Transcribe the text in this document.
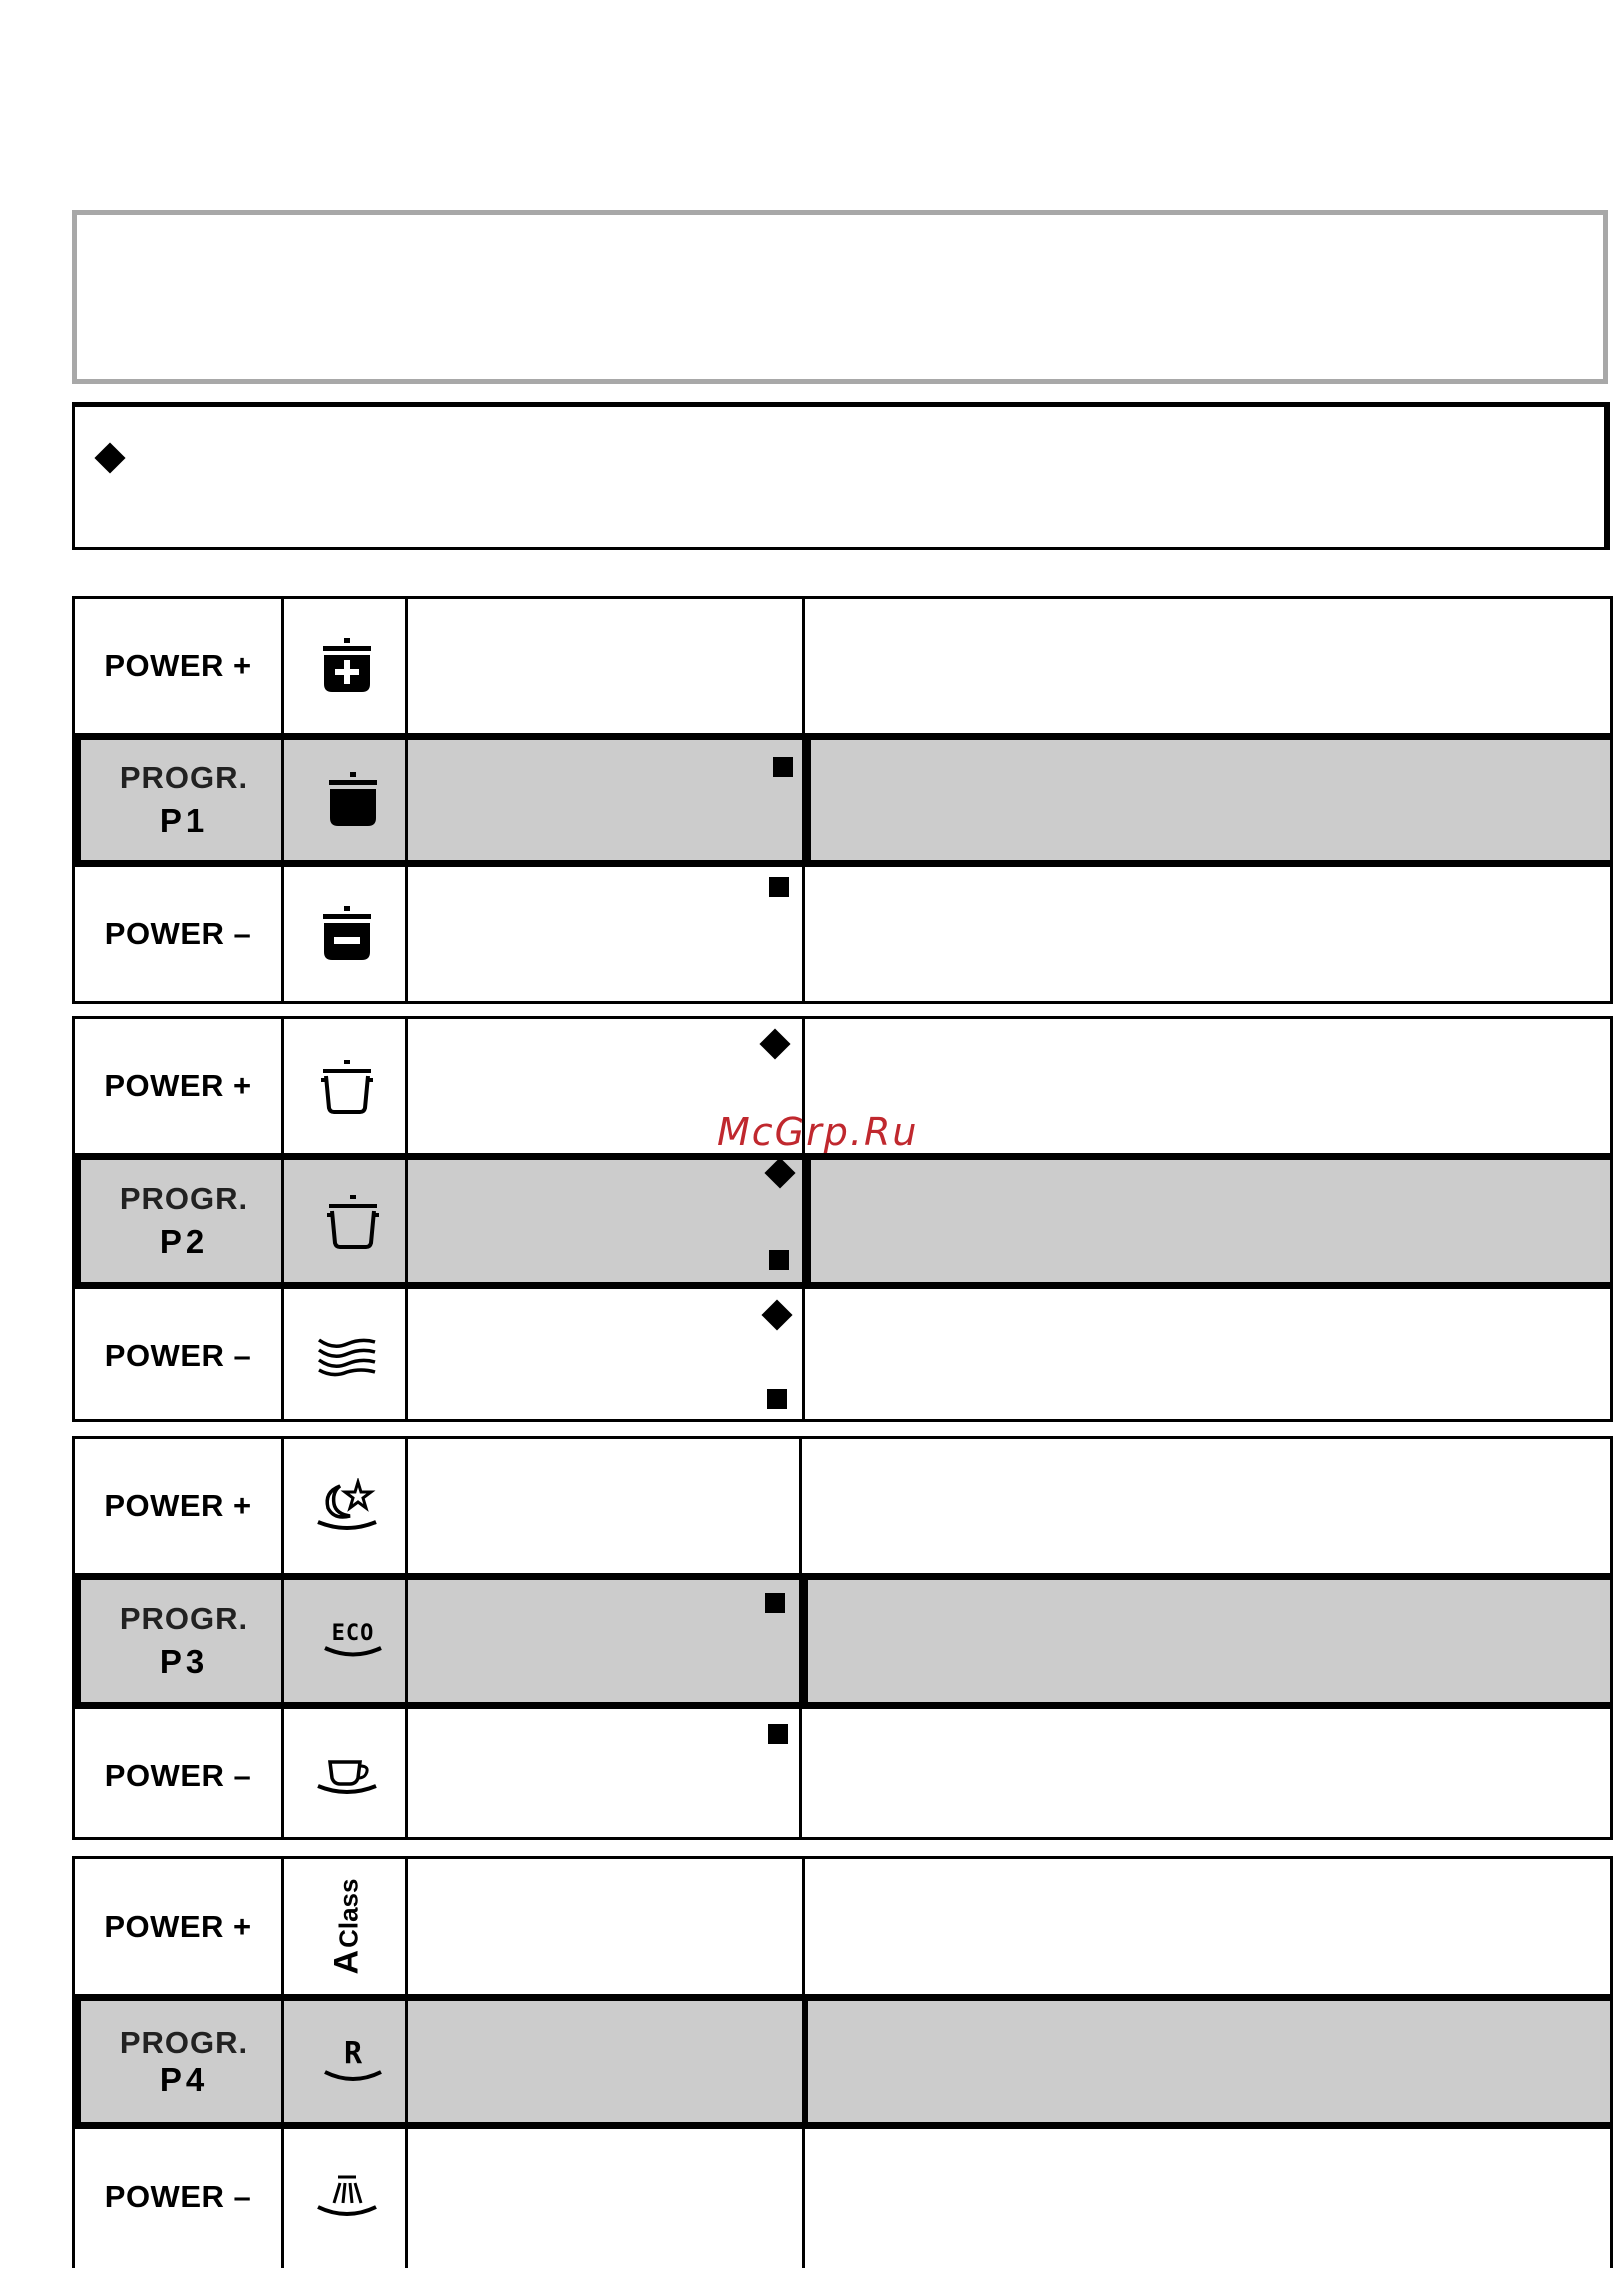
POWER +
PROGR.
P1
POWER –
POWER +
PROGR.
P2
POWER –
POWER +
PROGR.
P3
ECO
POWER –
POWER +
A
Class
PROGR.
P4
R
POWER –
McGrp.Ru
